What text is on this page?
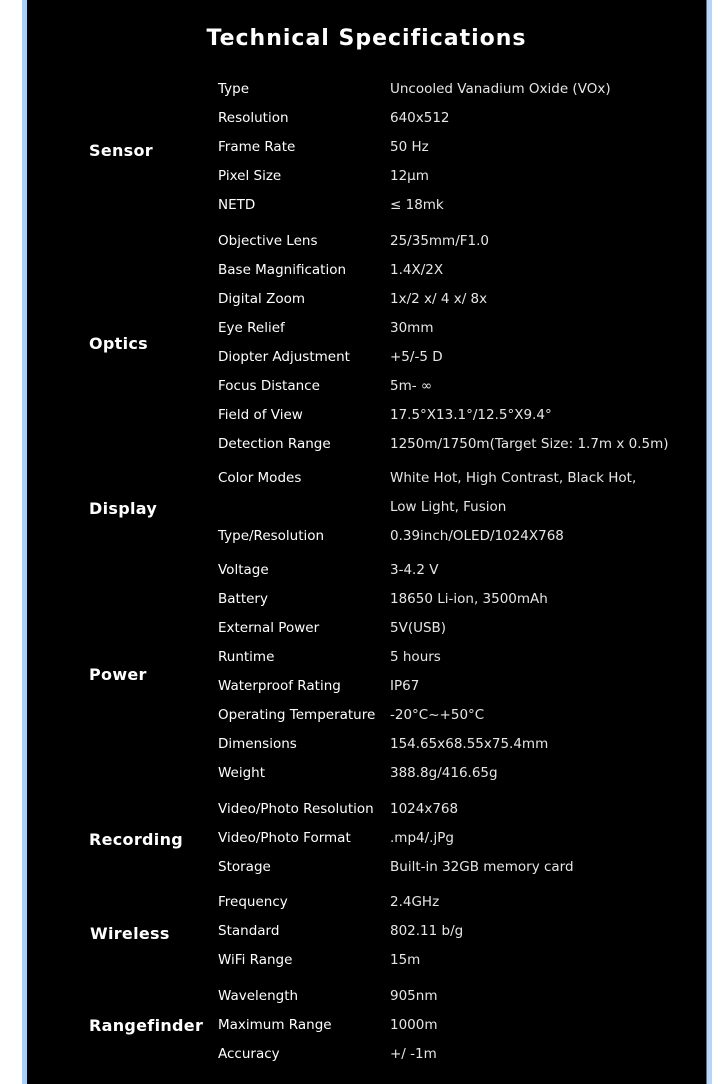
Technical Specifications
Sensor
Type	Uncooled Vanadium Oxide (VOx)
Resolution	640x512
Frame Rate	50 Hz
Pixel Size	12μm
NETD	≤ 18mk
Optics
Objective Lens	25/35mm/F1.0
Base Magnification	1.4X/2X
Digital Zoom	1x/2 x/ 4 x/ 8x
Eye Relief	30mm
Diopter Adjustment	+5/-5 D
Focus Distance	5m- ∞
Field of View	17.5°X13.1°/12.5°X9.4°
Detection Range	1250m/1750m(Target Size: 1.7m x 0.5m)
Display
Color Modes	White Hot, High Contrast, Black Hot,
Low Light, Fusion
Type/Resolution	0.39inch/OLED/1024X768
Power
Voltage	3-4.2 V
Battery	18650 Li-ion, 3500mAh
External Power	5V(USB)
Runtime	5 hours
Waterproof Rating	IP67
Operating Temperature -20°C~+50°C
Dimensions	154.65x68.55x75.4mm
Weight	388.8g/416.65g
Recording
Video/Photo Resolution 1024x768
Video/Photo Format	.mp4/.jPg
Storage	Built-in 32GB memory card
Wireless
Frequency	2.4GHz
Standard	802.11 b/g
WiFi Range	15m
Rangefinder
Wavelength	905nm
Maximum Range	1000m
Accuracy	+/ -1m
